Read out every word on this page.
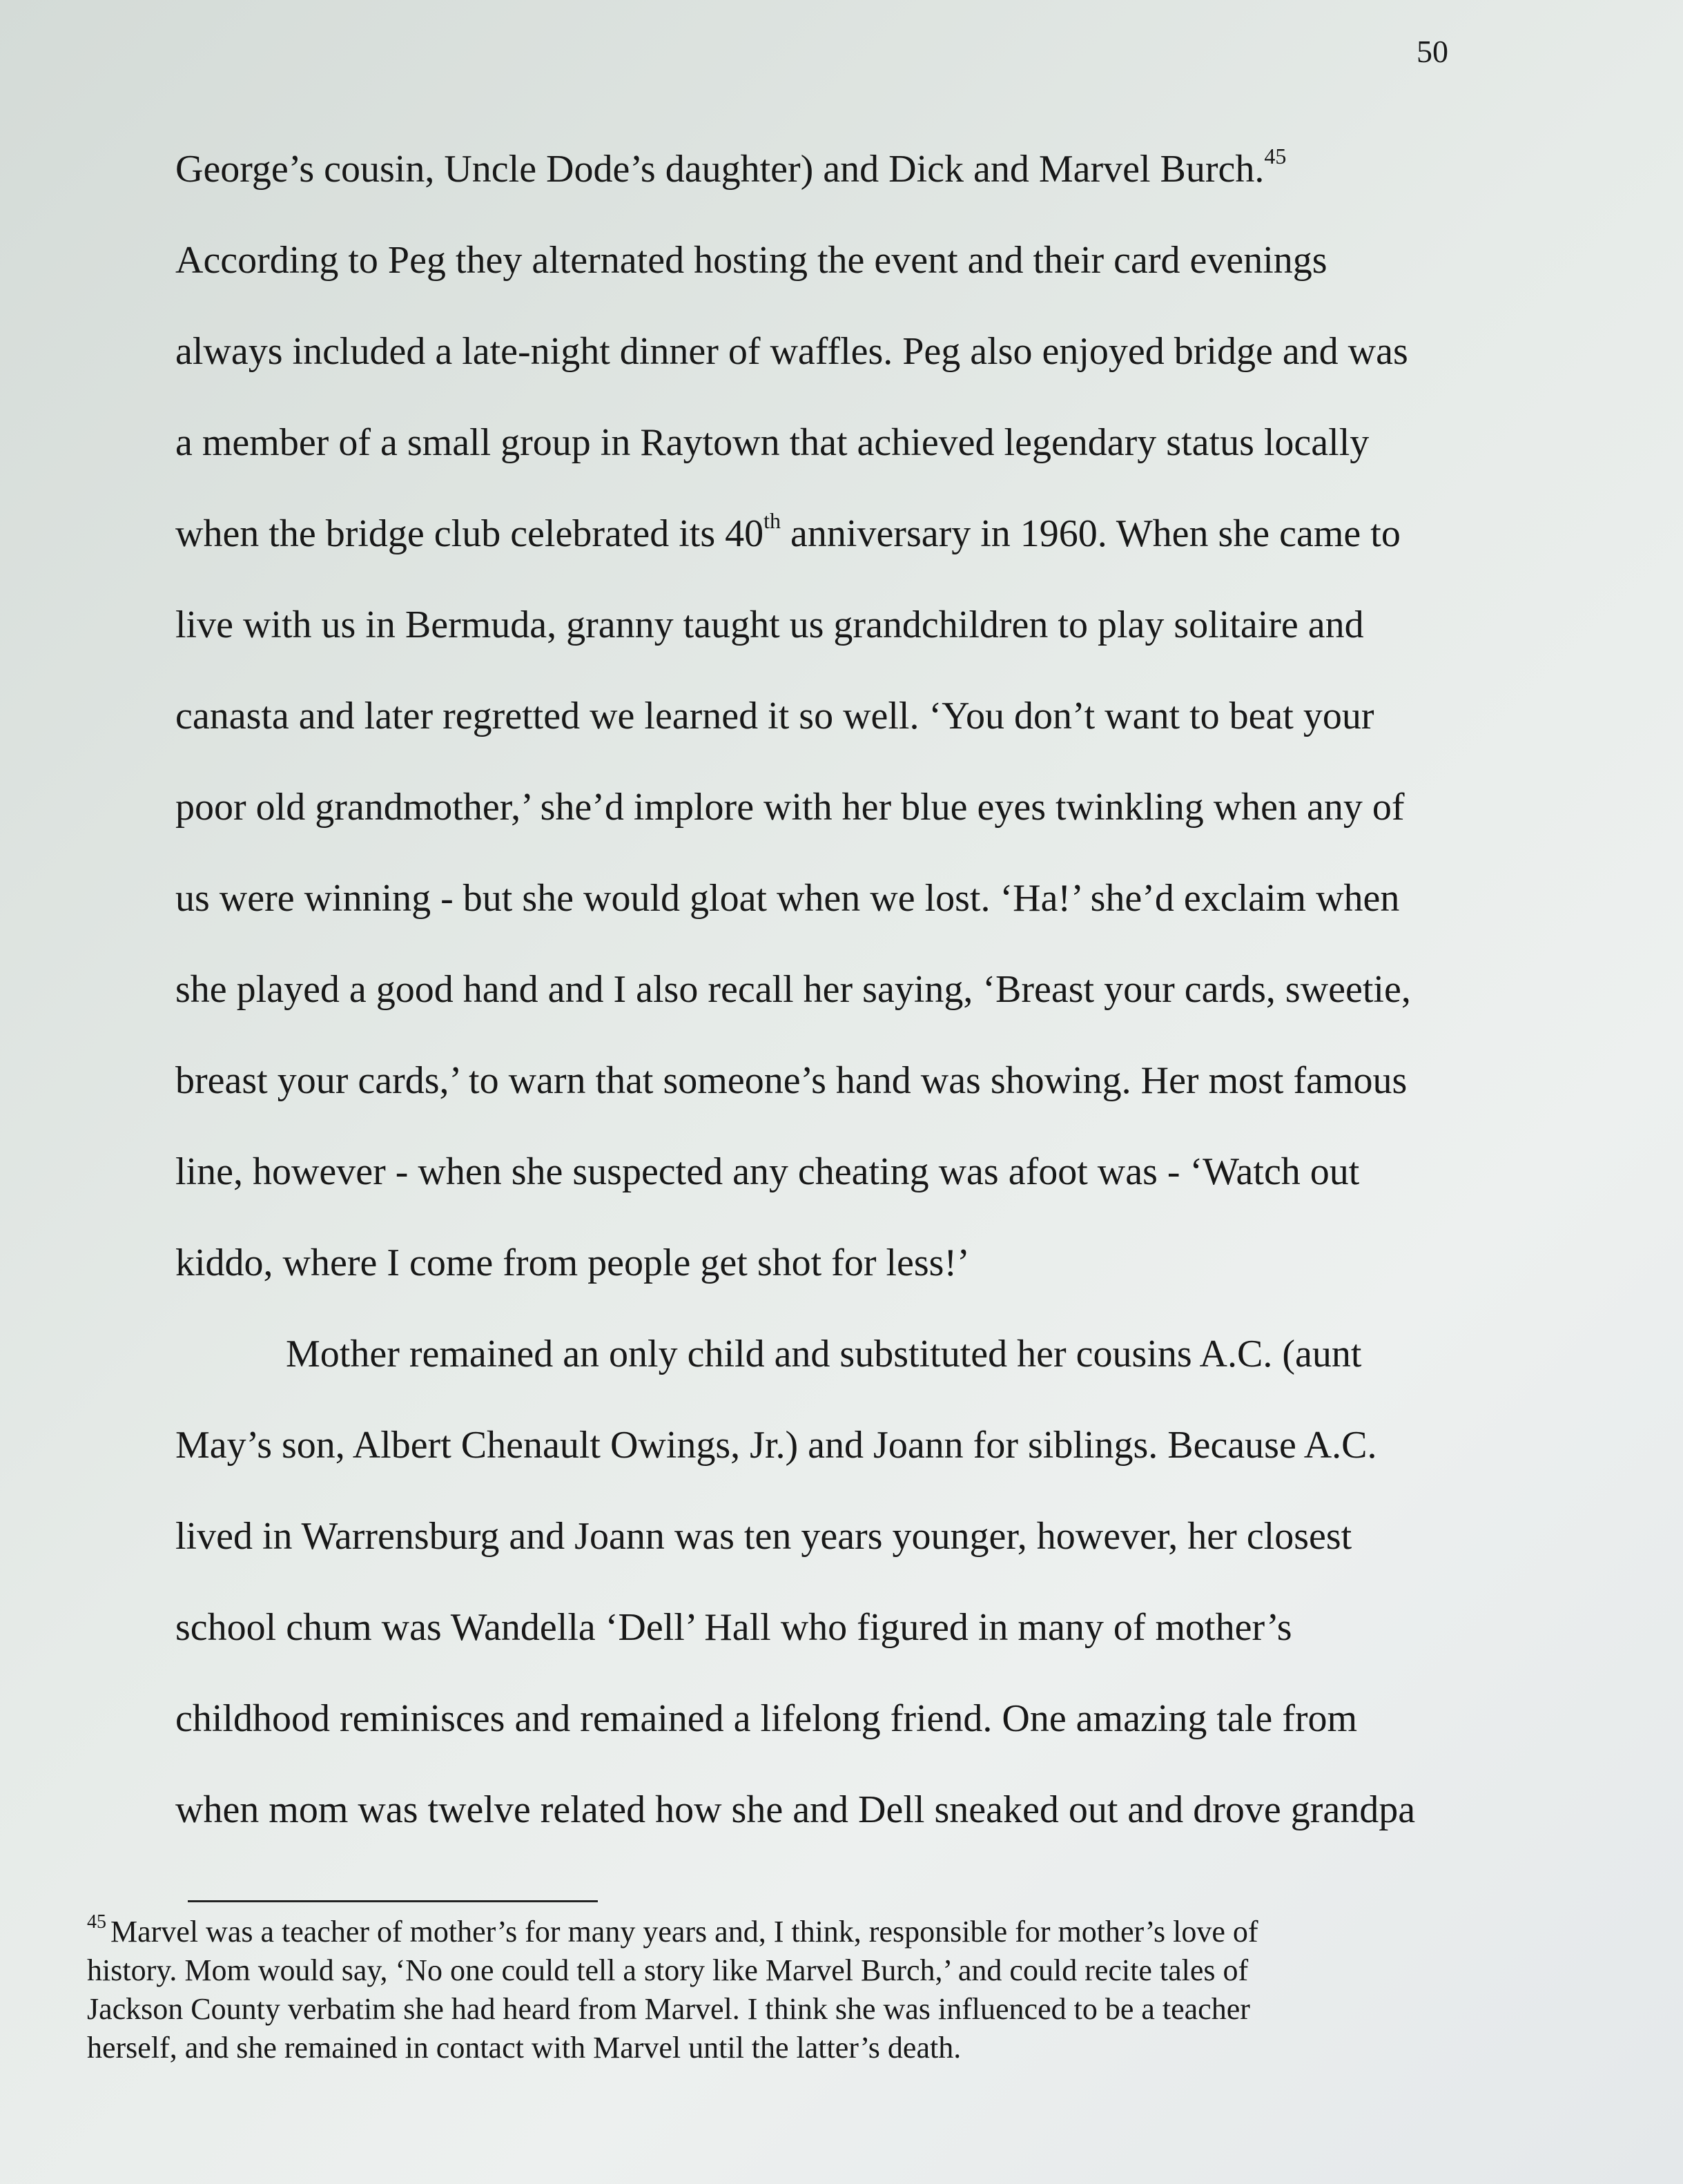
50
George’s cousin, Uncle Dode’s daughter) and Dick and Marvel Burch.$^{45}$
According to Peg they alternated hosting the event and their card evenings
always included a late-night dinner of waffles. Peg also enjoyed bridge and was
a member of a small group in Raytown that achieved legendary status locally
when the bridge club celebrated its 40th anniversary in 1960. When she came to
live with us in Bermuda, granny taught us grandchildren to play solitaire and
canasta and later regretted we learned it so well. ‘You don’t want to beat your
poor old grandmother,’ she’d implore with her blue eyes twinkling when any of
us were winning - but she would gloat when we lost. ‘Ha!’ she’d exclaim when
she played a good hand and I also recall her saying, ‘Breast your cards, sweetie,
breast your cards,’ to warn that someone’s hand was showing. Her most famous
line, however - when she suspected any cheating was afoot was - ‘Watch out
kiddo, where I come from people get shot for less!’
Mother remained an only child and substituted her cousins A.C. (aunt
May’s son, Albert Chenault Owings, Jr.) and Joann for siblings. Because A.C.
lived in Warrensburg and Joann was ten years younger, however, her closest
school chum was Wandella ‘Dell’ Hall who figured in many of mother’s
childhood reminisces and remained a lifelong friend. One amazing tale from
when mom was twelve related how she and Dell sneaked out and drove grandpa
$^{45}$ Marvel was a teacher of mother’s for many years and, I think, responsible for mother’s love of
history. Mom would say, ‘No one could tell a story like Marvel Burch,’ and could recite tales of
Jackson County verbatim she had heard from Marvel. I think she was influenced to be a teacher
herself, and she remained in contact with Marvel until the latter’s death.
